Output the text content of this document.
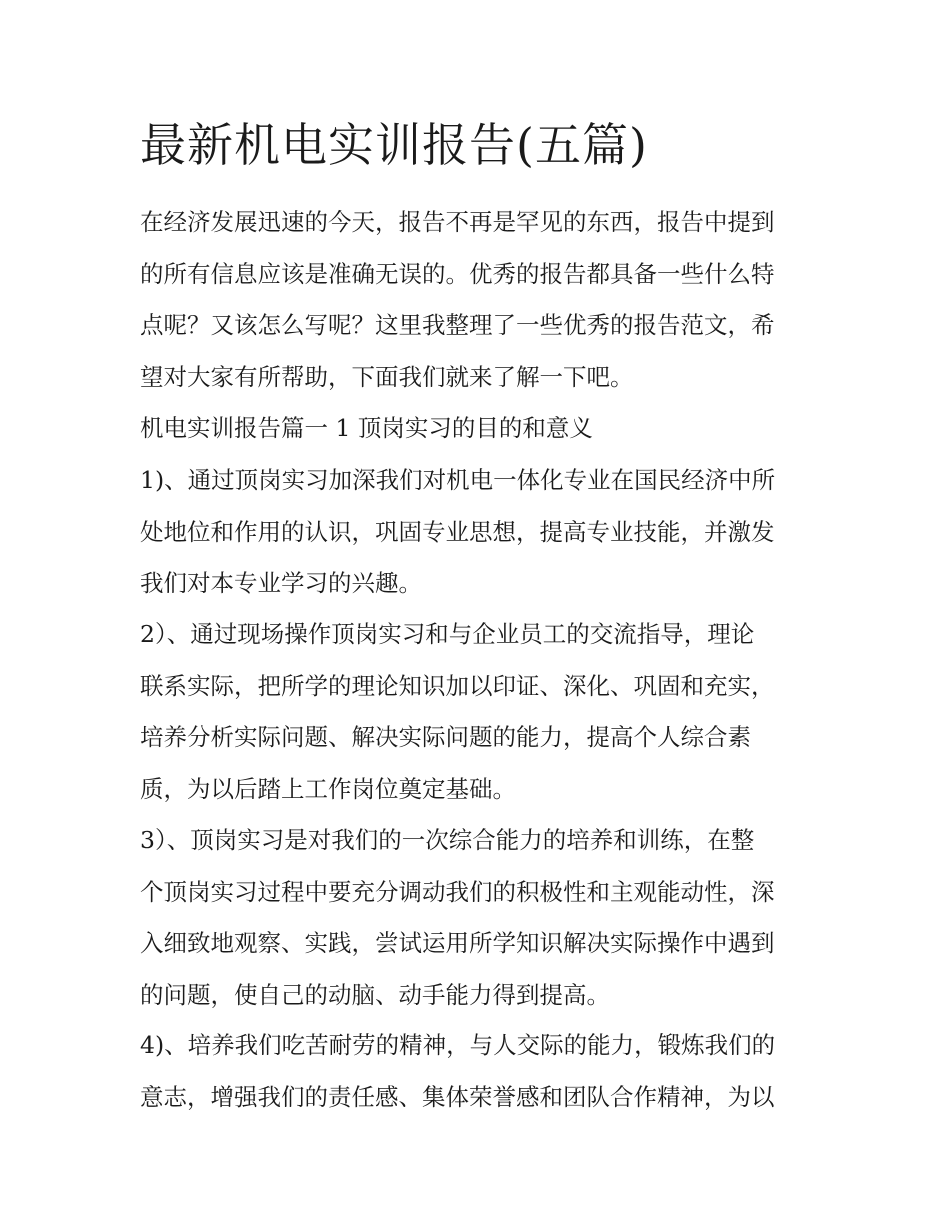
最新机电实训报告(五篇)
在经济发展迅速的今天，报告不再是罕见的东西，报告中提到
的所有信息应该是准确无误的。优秀的报告都具备一些什么特
点呢？又该怎么写呢？这里我整理了一些优秀的报告范文，希
望对大家有所帮助，下面我们就来了解一下吧。
机电实训报告篇一 1 顶岗实习的目的和意义
1)、通过顶岗实习加深我们对机电一体化专业在国民经济中所
处地位和作用的认识，巩固专业思想，提高专业技能，并激发
我们对本专业学习的兴趣。
2）、通过现场操作顶岗实习和与企业员工的交流指导，理论
联系实际，把所学的理论知识加以印证、深化、巩固和充实，
培养分析实际问题、解决实际问题的能力，提高个人综合素
质，为以后踏上工作岗位奠定基础。
3）、顶岗实习是对我们的一次综合能力的培养和训练，在整
个顶岗实习过程中要充分调动我们的积极性和主观能动性，深
入细致地观察、实践，尝试运用所学知识解决实际操作中遇到
的问题，使自己的动脑、动手能力得到提高。
4)、培养我们吃苦耐劳的精神，与人交际的能力，锻炼我们的
意志，增强我们的责任感、集体荣誉感和团队合作精神，为以
